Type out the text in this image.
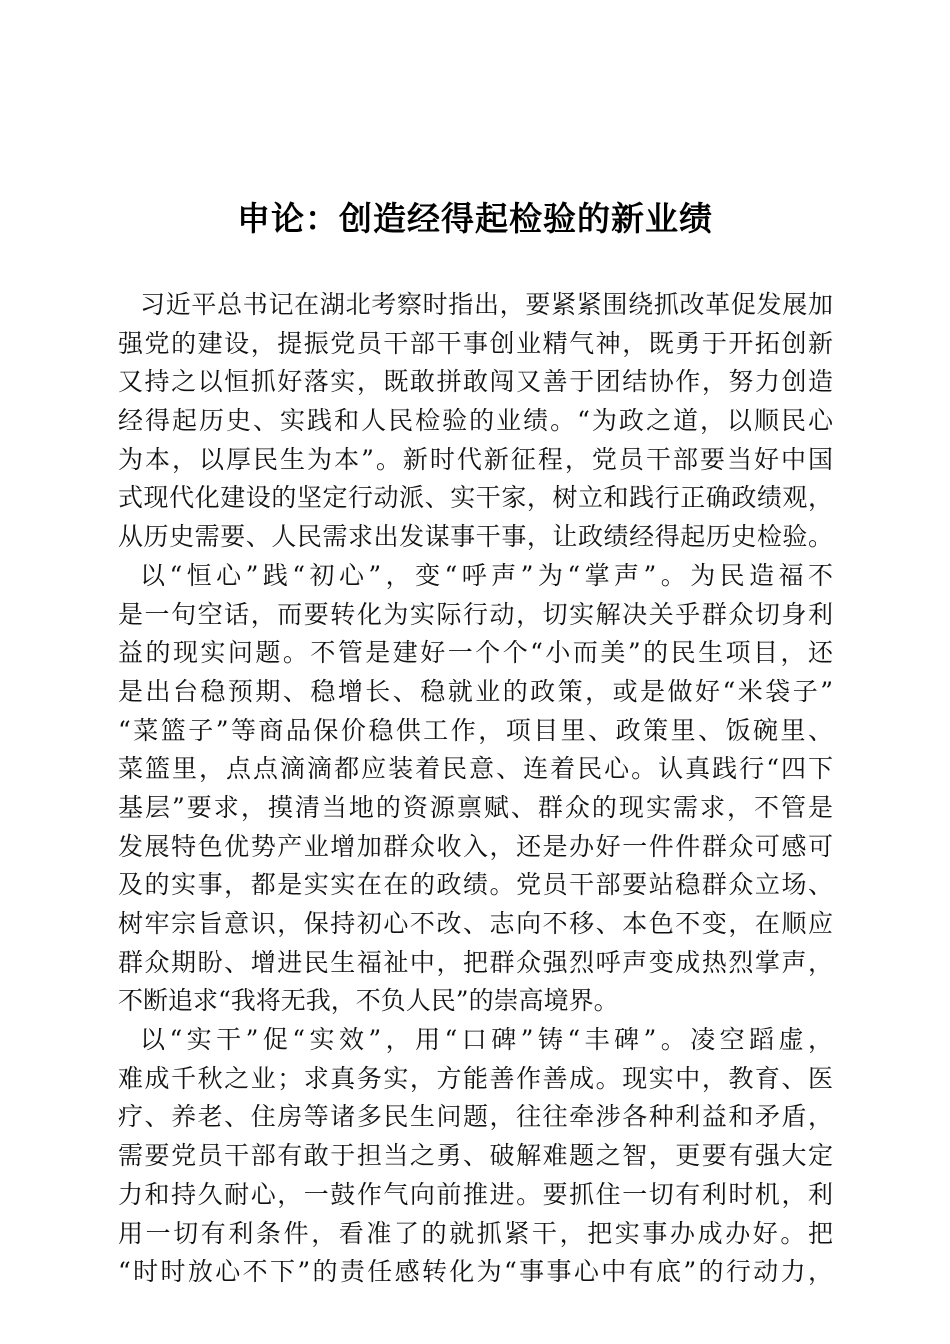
申论：创造经得起检验的新业绩
习近平总书记在湖北考察时指出，要紧紧围绕抓改革促发展加
强党的建设，提振党员干部干事创业精气神，既勇于开拓创新
又持之以恒抓好落实，既敢拼敢闯又善于团结协作，努力创造
经得起历史、实践和人民检验的业绩。“为政之道，以顺民心
为本，以厚民生为本”。新时代新征程，党员干部要当好中国
式现代化建设的坚定行动派、实干家，树立和践行正确政绩观，
从历史需要、人民需求出发谋事干事，让政绩经得起历史检验。
以“恒心”践“初心”，变“呼声”为“掌声”。为民造福不
是一句空话，而要转化为实际行动，切实解决关乎群众切身利
益的现实问题。不管是建好一个个“小而美”的民生项目，还
是出台稳预期、稳增长、稳就业的政策，或是做好“米袋子”
“菜篮子”等商品保价稳供工作，项目里、政策里、饭碗里、
菜篮里，点点滴滴都应装着民意、连着民心。认真践行“四下
基层”要求，摸清当地的资源禀赋、群众的现实需求，不管是
发展特色优势产业增加群众收入，还是办好一件件群众可感可
及的实事，都是实实在在的政绩。党员干部要站稳群众立场、
树牢宗旨意识，保持初心不改、志向不移、本色不变，在顺应
群众期盼、增进民生福祉中，把群众强烈呼声变成热烈掌声，
不断追求“我将无我，不负人民”的崇高境界。
以“实干”促“实效”，用“口碑”铸“丰碑”。凌空蹈虚，
难成千秋之业；求真务实，方能善作善成。现实中，教育、医
疗、养老、住房等诸多民生问题，往往牵涉各种利益和矛盾，
需要党员干部有敢于担当之勇、破解难题之智，更要有强大定
力和持久耐心，一鼓作气向前推进。要抓住一切有利时机，利
用一切有利条件，看准了的就抓紧干，把实事办成办好。把
“时时放心不下”的责任感转化为“事事心中有底”的行动力，
